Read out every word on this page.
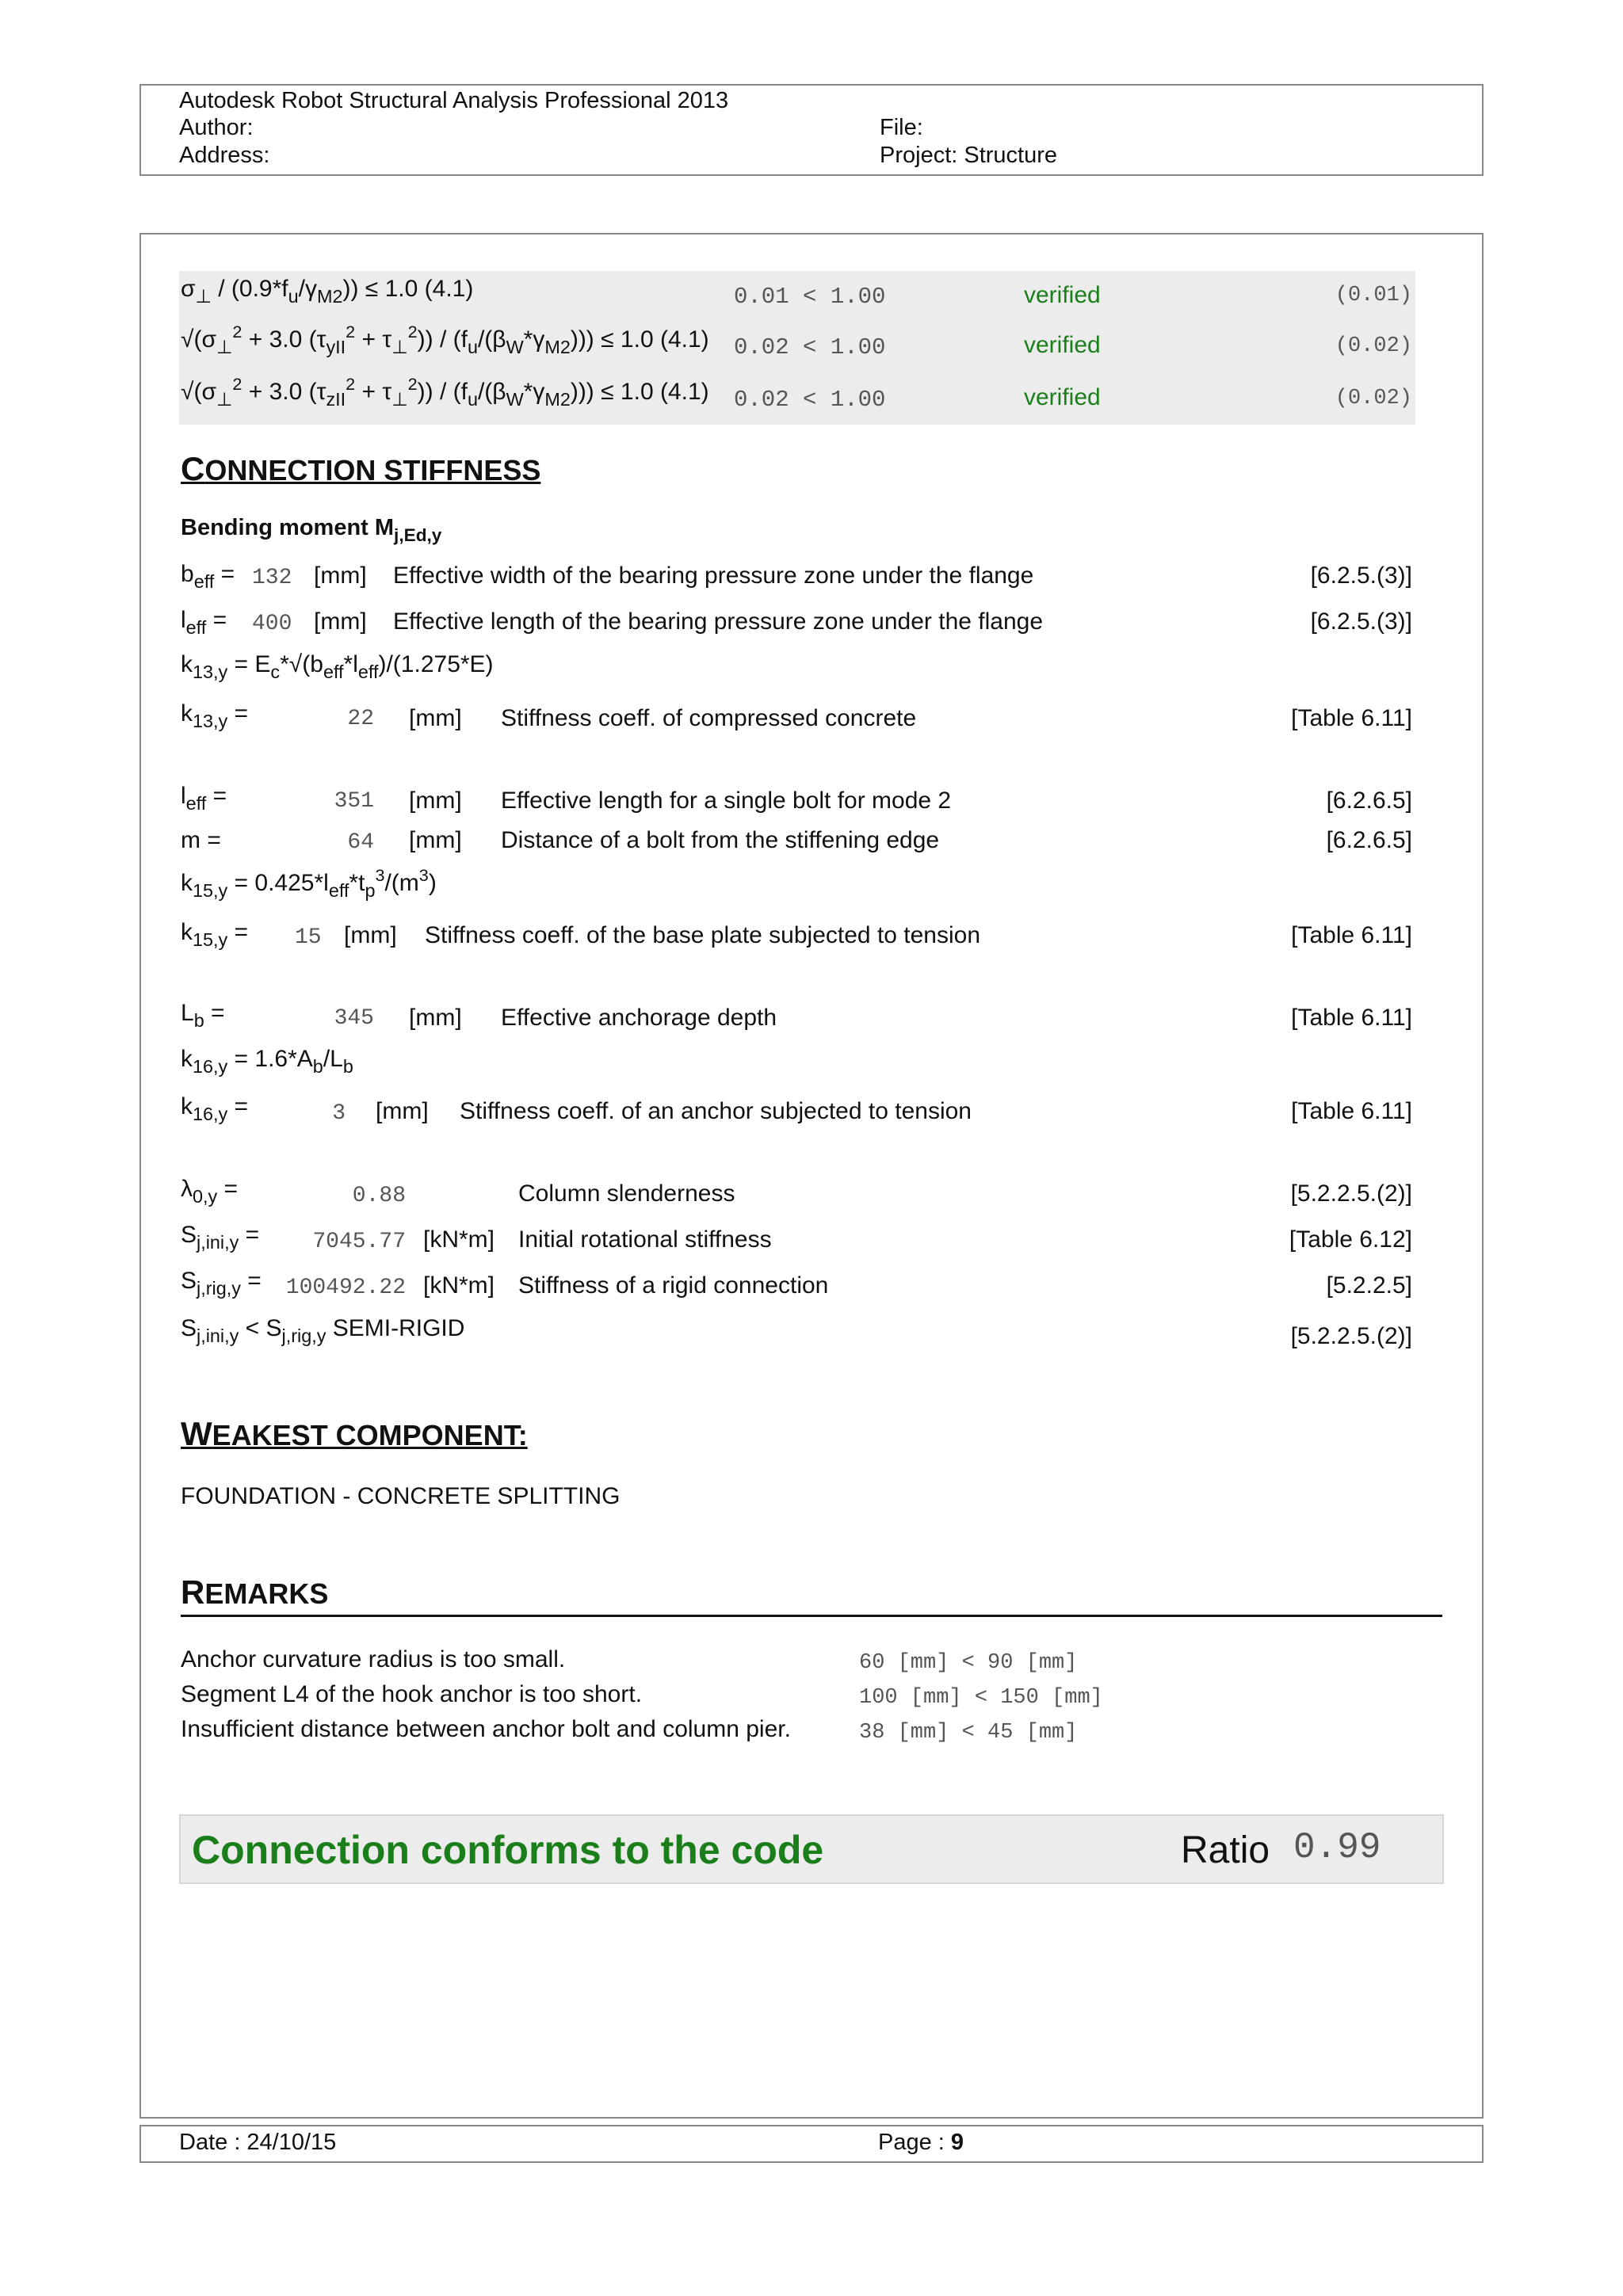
Autodesk Robot Structural Analysis Professional 2013
Author:
Address:
File:
Project: Structure
$\sigma_\perp / (0.9*f_u/\gamma_{M2})) \le 1.0$ (4.1)	0.01 < 1.00	verified	(0.01)
$√(\sigma_\perp^2 + 3.0$ $(\tau_{yII}^2 + \tau_\perp^2)) / (f_u/(\beta_W*\gamma_{M2}))) \le 1.0$ (4.1) 0.02 < 1.00	verified	(0.02)
$√(\sigma_\perp^2 + 3.0$ $(\tau_{zII}^2 + \tau_\perp^2)) / (f_u/(\beta_W*\gamma_{M2}))) \le 1.0$ (4.1) 0.02 < 1.00	verified	(0.02)
CONNECTION STIFFNESS
Bending moment $M_{j,Ed,y}$
$b_{eff} = 132$ [mm] Effective width of the bearing pressure zone under the flange	[6.2.5.(3)]
$l_{eff} = 400$ [mm] Effective length of the bearing pressure zone under the flange	[6.2.5.(3)]
$k_{13,y} = E_c*√(b_{eff}*l_{eff})/(1.275*E)$
$k_{13,y}$ =	22 [mm] Stiffness coeff. of compressed concrete	[Table 6.11]
$l_{eff}$ =	351 [mm] Effective length for a single bolt for mode 2	[6.2.6.5]
m =	64 [mm] Distance of a bolt from the stiffening edge	[6.2.6.5]
$k_{15,y} = 0.425*l_{eff}*t_p^3/(m^3)$
$k_{15,y} = 15$ [mm] Stiffness coeff. of the base plate subjected to tension	[Table 6.11]
$L_b$ =	345 [mm] Effective anchorage depth	[Table 6.11]
$k_{16,y} = 1.6*A_b/L_b$
$k_{16,y}$ =	3 [mm] Stiffness coeff. of an anchor subjected to tension	[Table 6.11]
$\lambda_{0,y}$ =	0.88	Column slenderness	[5.2.2.5.(2)]
$S_{j,ini,y} = 7045.77$ [kN*m] Initial rotational stiffness	[Table 6.12]
$S_{j,rig,y} = 100492.22$ [kN*m] Stiffness of a rigid connection	[5.2.2.5]
$S_{j,ini,y} < S_{j,rig,y}$ SEMI-RIGID	[5.2.2.5.(2)]
WEAKEST COMPONENT:
FOUNDATION - CONCRETE SPLITTING
REMARKS
Anchor curvature radius is too small.	60 [mm] < 90 [mm]
Segment L4 of the hook anchor is too short.	100 [mm] < 150 [mm]
Insufficient distance between anchor bolt and column pier.	38 [mm] < 45 [mm]
Connection conforms to the code	Ratio 0.99
Date : 24/10/15	Page : 9
